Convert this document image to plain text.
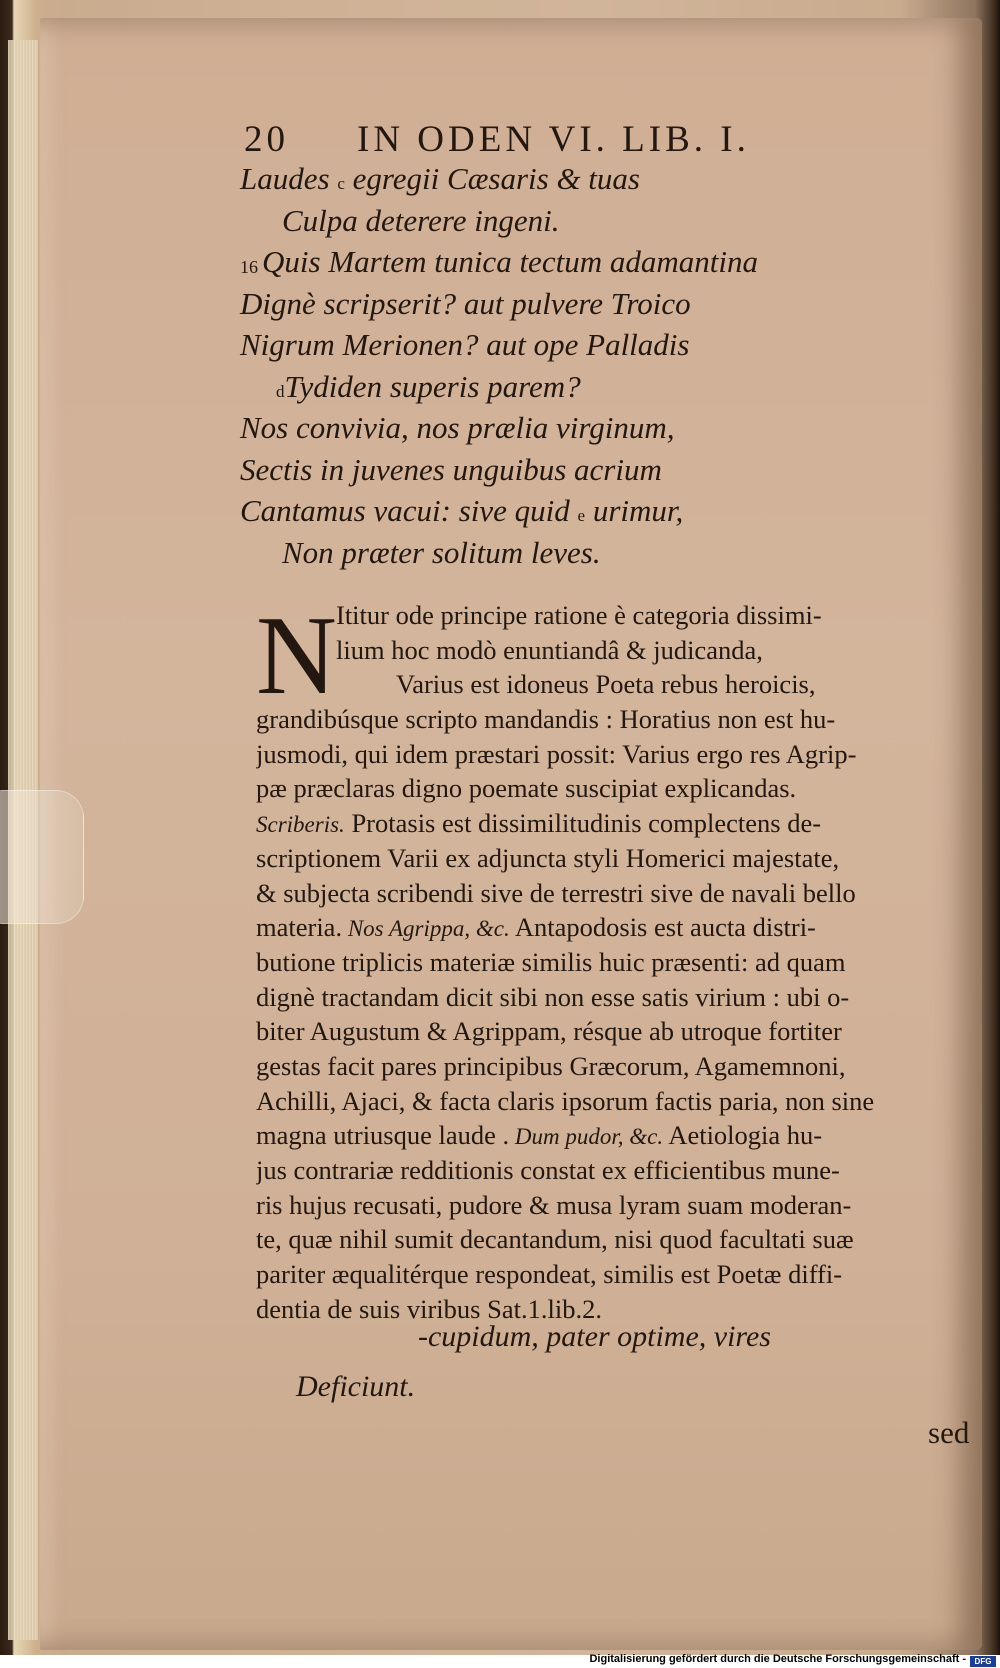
20 IN ODEN VI. LIB. I.
Laudes c egregii Cæsaris & tuas
Culpa deterere ingeni.
16 Quis Martem tunica tectum adamantina
Dignè scripserit? aut pulvere Troico
Nigrum Merionen? aut ope Palladis
dTydiden superis parem?
Nos convivia, nos prælia virginum,
Sectis in juvenes unguibus acrium
Cantamus vacui: sive quid e urimur,
Non præter solitum leves.
N Ititur ode principe ratione è categoria dissimi-
lium hoc modò enuntiandâ & judicanda,
Varius est idoneus Poeta rebus heroicis,
grandibúsque scripto mandandis : Horatius non est hu-
jusmodi, qui idem præstari possit: Varius ergo res Agrip-
pæ præclaras digno poemate suscipiat explicandas.
Scriberis. Protasis est dissimilitudinis complectens de-
scriptionem Varii ex adjuncta styli Homerici majestate,
& subjecta scribendi sive de terrestri sive de navali bello
materia. Nos Agrippa, &c. Antapodosis est aucta distri-
butione triplicis materiæ similis huic præsenti: ad quam
dignè tractandam dicit sibi non esse satis virium : ubi o-
biter Augustum & Agrippam, résque ab utroque fortiter
gestas facit pares principibus Græcorum, Agamemnoni,
Achilli, Ajaci, & facta claris ipsorum factis paria, non sine
magna utriusque laude . Dum pudor, &c. Aetiologia hu-
jus contrariæ redditionis constat ex efficientibus mune-
ris hujus recusati, pudore & musa lyram suam moderan-
te, quæ nihil sumit decantandum, nisi quod facultati suæ
pariter æqualitérque respondeat, similis est Poetæ diffi-
dentia de suis viribus Sat.1.lib.2.
-cupidum, pater optime, vires
Deficiunt.
sed
Digitalisierung gefördert durch die Deutsche Forschungsgemeinschaft -	DFG
